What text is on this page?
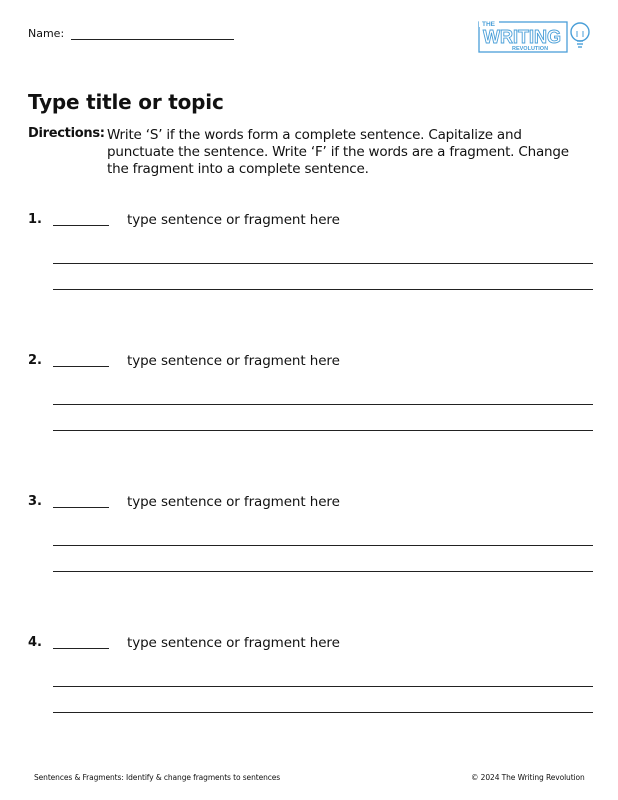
Name:
THE
WRITING
REVOLUTION
Type title or topic
Directions: Write ‘S’ if the words form a complete sentence. Capitalize and punctuate the sentence. Write ‘F’ if the words are a fragment. Change the fragment into a complete sentence.
1.	type sentence or fragment here
2.	type sentence or fragment here
3.	type sentence or fragment here
4.	type sentence or fragment here
Sentences & Fragments: Identify & change fragments to sentences	© 2024 The Writing Revolution
